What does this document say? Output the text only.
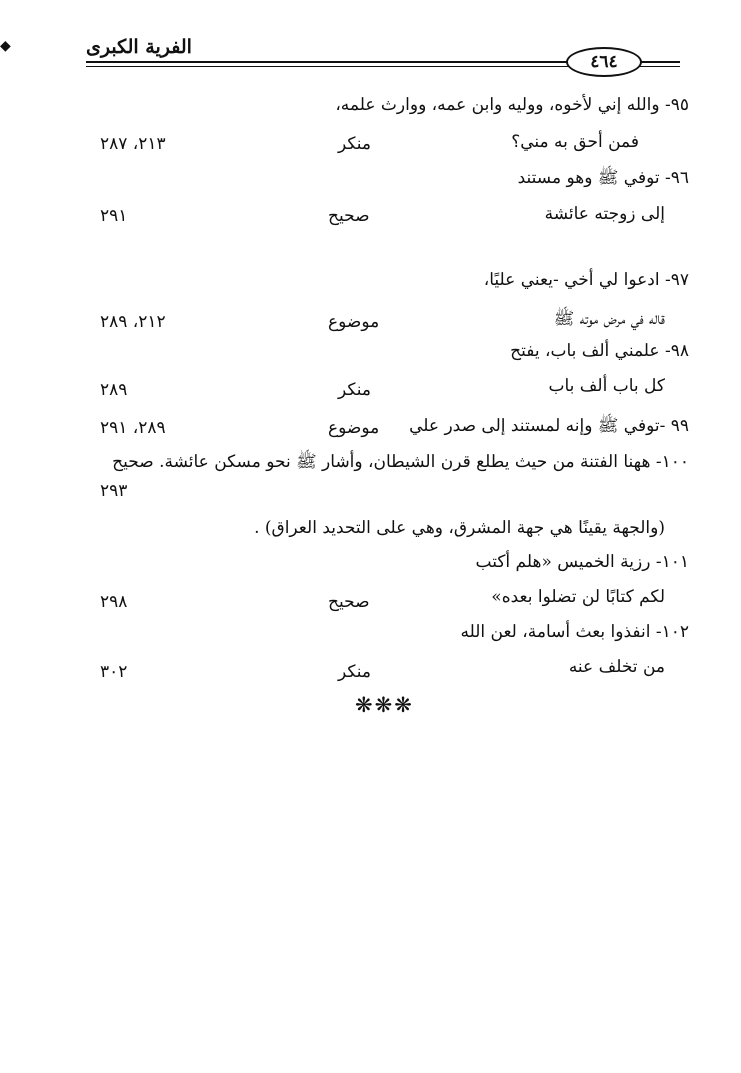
◆	الفرية الكبرى
٤٦٤
٩٥- والله إني لأخوه، ووليه وابن عمه، ووارث علمه،
فمن أحق به مني؟
منكر
٢١٣، ٢٨٧
٩٦- توفي ﷺ وهو مستند
إلى زوجته عائشة
صحيح
٢٩١
٩٧- ادعوا لي أخي -يعني عليًا،
قاله في مرض موته ﷺ
موضوع
٢١٢، ٢٨٩
٩٨- علمني ألف باب، يفتح
كل باب ألف باب
منكر
٢٨٩
٩٩ -توفي ﷺ وإنه لمستند إلى صدر علي
موضوع
٢٨٩، ٢٩١
١٠٠- ههنا الفتنة من حيث يطلع قرن الشيطان، وأشار ﷺ نحو مسكن عائشة. صحيح
٢٩٣
(والجهة يقينًا هي جهة المشرق، وهي على التحديد العراق) .
١٠١- رزية الخميس «هلم أكتب
لكم كتابًا لن تضلوا بعده»
صحيح
٢٩٨
١٠٢- انفذوا بعث أسامة، لعن الله
من تخلف عنه
منكر
٣٠٢
❋❋❋
